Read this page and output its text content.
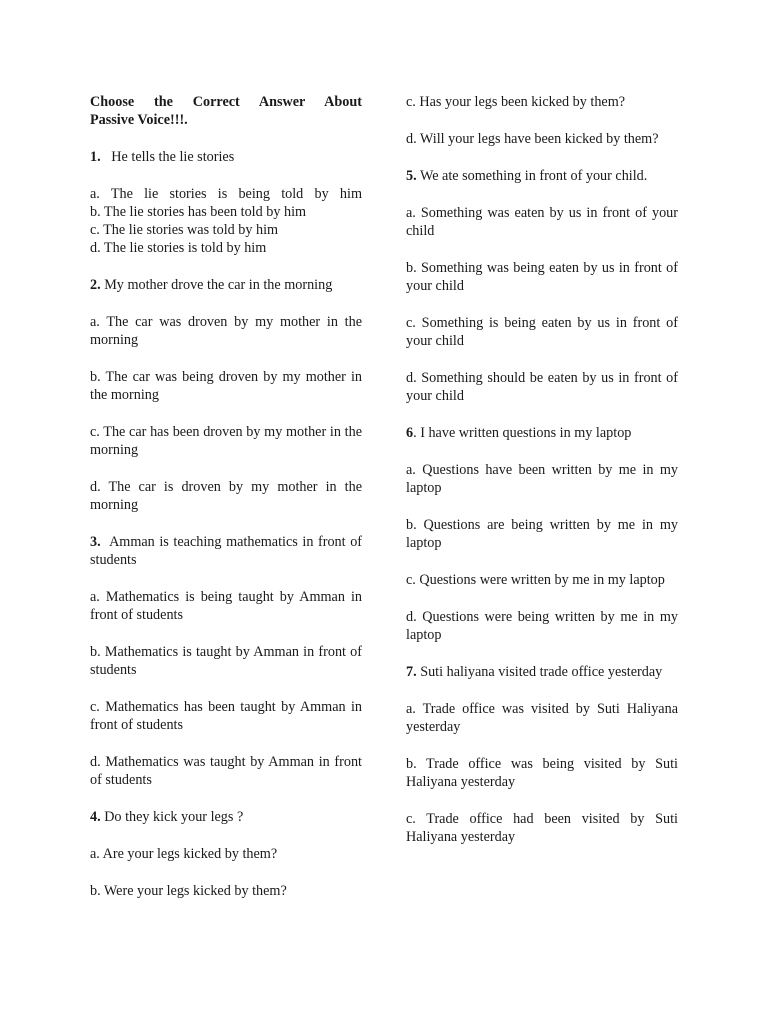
Choose the Correct Answer About
Passive Voice!!!.
1. He tells the lie stories
a. The lie stories is being told by him
b. The lie stories has been told by him
c. The lie stories was told by him
d. The lie stories is told by him
2. My mother drove the car in the morning
a. The car was droven by my mother in the morning
b. The car was being droven by my mother in the morning
c. The car has been droven by my mother in the morning
d. The car is droven by my mother in the morning
3. Amman is teaching mathematics in front of students
a. Mathematics is being taught by Amman in front of students
b. Mathematics is taught by Amman in front of students
c. Mathematics has been taught by Amman in front of students
d. Mathematics was taught by Amman in front of students
4. Do they kick your legs ?
a. Are your legs kicked by them?
b. Were your legs kicked by them?
c. Has your legs been kicked by them?
d. Will your legs have been kicked by them?
5. We ate something in front of your child.
a. Something was eaten by us in front of your child
b. Something was being eaten by us in front of your child
c. Something is being eaten by us in front of your child
d. Something should be eaten by us in front of your child
6. I have written questions in my laptop
a. Questions have been written by me in my laptop
b. Questions are being written by me in my laptop
c. Questions were written by me in my laptop
d. Questions were being written by me in my laptop
7. Suti haliyana visited trade office yesterday
a. Trade office was visited by Suti Haliyana yesterday
b. Trade office was being visited by Suti Haliyana yesterday
c. Trade office had been visited by Suti Haliyana yesterday
